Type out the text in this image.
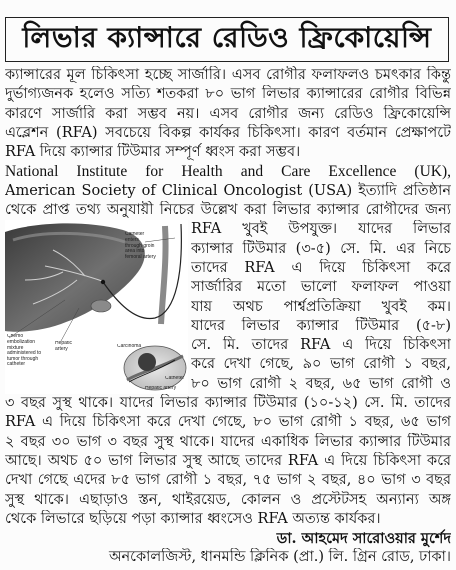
লিভার ক্যান্সারে রেডিও ফ্রিকোয়েন্সি
ক্যান্সারের মূল চিকিৎসা হচ্ছে সার্জারি। এসব রোগীর ফলাফলও চমৎকার কিন্তু
দুর্ভাগ্যজনক হলেও সত্যি শতকরা ৮০ ভাগ লিভার ক্যান্সারের রোগীর বিভিন্ন
কারণে সার্জারি করা সম্ভব নয়। এসব রোগীর জন্য রেডিও ফ্রিকোয়েন্সি
এব্লেশন (RFA) সবচেয়ে বিকল্প কার্যকর চিকিৎসা। কারণ বর্তমান প্রেক্ষাপটে
RFA দিয়ে ক্যান্সার টিউমার সম্পূর্ণ ধ্বংস করা সম্ভব।
National Institute for Health and Care Excellence (UK),
American Society of Clinical Oncologist (USA) ইত্যাদি প্রতিষ্ঠান
থেকে প্রাপ্ত তথ্য অনুযায়ী নিচের উল্লেখ করা লিভার ক্যান্সার রোগীদের জন্য
Catheter enters through groin area into femoral artery
Chemo embolization mixture administered to tumor through catheter
Hepatic artery	Carcinoma
Catheter
Hepatic artery
RFA খুবই উপযুক্ত। যাদের লিভার
ক্যান্সার টিউমার (৩-৫) সে. মি. এর নিচে
তাদের RFA এ দিয়ে চিকিৎসা করে
সার্জারির মতো ভালো ফলাফল পাওয়া
যায় অথচ পার্শ্বপ্রতিক্রিয়া খুবই কম।
যাদের লিভার ক্যান্সার টিউমার (৫-৮)
সে. মি. তাদের RFA এ দিয়ে চিকিৎসা
করে দেখা গেছে, ৯০ ভাগ রোগী ১ বছর,
৮০ ভাগ রোগী ২ বছর, ৬৫ ভাগ রোগী ও
৩ বছর সুস্থ থাকে। যাদের লিভার ক্যান্সার টিউমার (১০-১২) সে. মি. তাদের
RFA এ দিয়ে চিকিৎসা করে দেখা গেছে, ৮০ ভাগ রোগী ১ বছর, ৬৫ ভাগ
২ বছর ৩০ ভাগ ৩ বছর সুস্থ থাকে। যাদের একাধিক লিভার ক্যান্সার টিউমার
আছে। অথচ ৫০ ভাগ লিভার সুস্থ আছে তাদের RFA এ দিয়ে চিকিৎসা করে
দেখা গেছে এদের ৮৫ ভাগ রোগী ১ বছর, ৭৫ ভাগ ২ বছর, ৪০ ভাগ ৩ বছর
সুস্থ থাকে। এছাড়াও স্তন, থাইরয়েড, কোলন ও প্রস্টেটসহ অন্যান্য অঙ্গ
থেকে লিভারে ছড়িয়ে পড়া ক্যান্সার ধ্বংসেও RFA অত্যন্ত কার্যকর।
ডা. আহমেদ সারোওয়ার মুর্শেদ
অনকোলজিস্ট, ধানমন্ডি ক্লিনিক (প্রা.) লি. গ্রিন রোড, ঢাকা।
